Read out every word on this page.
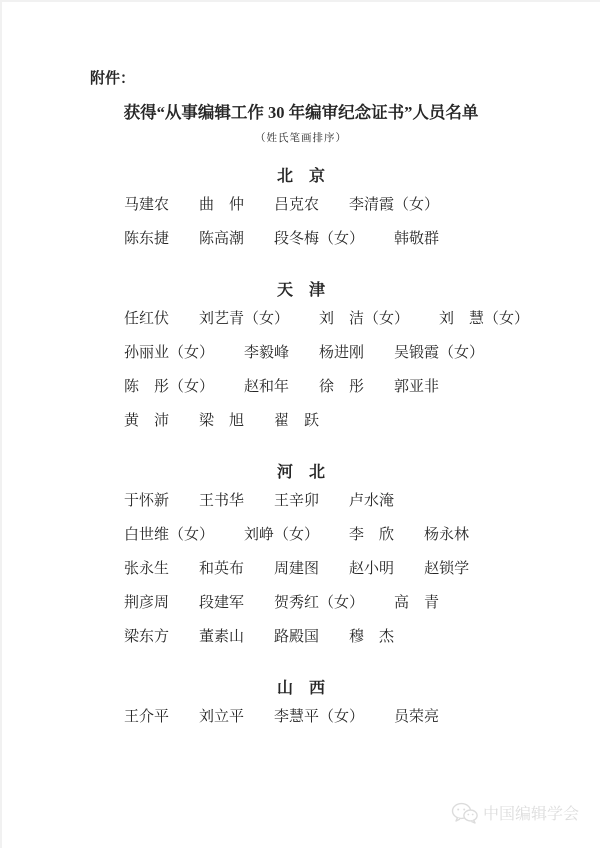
附件：
获得“从事编辑工作 30 年编审纪念证书”人员名单
（姓氏笔画排序）
北　京
马建农 曲　仲 吕克农 李清霞（女）
陈东捷 陈高潮 段冬梅（女） 韩敬群
天　津
任红伏 刘艺青（女） 刘　洁（女） 刘　慧（女）
孙丽业（女） 李毅峰 杨进刚 吴锻霞（女）
陈　彤（女） 赵和年 徐　彤 郭亚非
黄　沛 梁　旭 翟　跃
河　北
于怀新 王书华 王辛卯 卢水淹
白世维（女） 刘峥（女） 李　欣 杨永林
张永生 和英布 周建图 赵小明 赵锁学
荆彦周 段建军 贺秀红（女） 高　青
梁东方 董素山 路殿国 穆　杰
山　西
王介平 刘立平 李慧平（女） 员荣亮
中国编辑学会
